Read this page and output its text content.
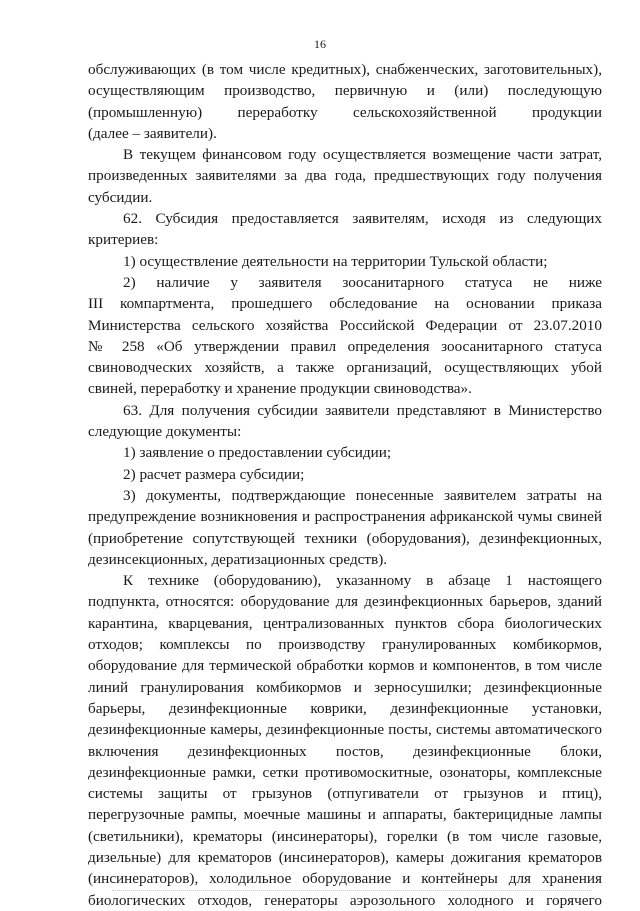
16
обслуживающих (в том числе кредитных), снабженческих, заготовительных),
осуществляющим производство, первичную и (или) последующую
(промышленную) переработку сельскохозяйственной продукции
(далее – заявители).
В текущем финансовом году осуществляется возмещение части затрат,
произведенных заявителями за два года, предшествующих году получения
субсидии.
62. Субсидия предоставляется заявителям, исходя из следующих
критериев:
1) осуществление деятельности на территории Тульской области;
2) наличие у заявителя зоосанитарного статуса не ниже
III компартмента, прошедшего обследование на основании приказа
Министерства сельского хозяйства Российской Федерации от 23.07.2010
№ 258 «Об утверждении правил определения зоосанитарного статуса
свиноводческих хозяйств, а также организаций, осуществляющих убой
свиней, переработку и хранение продукции свиноводства».
63. Для получения субсидии заявители представляют в Министерство
следующие документы:
1) заявление о предоставлении субсидии;
2) расчет размера субсидии;
3) документы, подтверждающие понесенные заявителем затраты на
предупреждение возникновения и распространения африканской чумы свиней
(приобретение сопутствующей техники (оборудования), дезинфекционных,
дезинсекционных, дератизационных средств).
К технике (оборудованию), указанному в абзаце 1 настоящего
подпункта, относятся: оборудование для дезинфекционных барьеров, зданий
карантина, кварцевания, централизованных пунктов сбора биологических
отходов; комплексы по производству гранулированных комбикормов,
оборудование для термической обработки кормов и компонентов, в том числе
линий гранулирования комбикормов и зерносушилки; дезинфекционные
барьеры, дезинфекционные коврики, дезинфекционные установки,
дезинфекционные камеры, дезинфекционные посты, системы автоматического
включения дезинфекционных постов, дезинфекционные блоки,
дезинфекционные рамки, сетки противомоскитные, озонаторы, комплексные
системы защиты от грызунов (отпугиватели от грызунов и птиц),
перегрузочные рампы, моечные машины и аппараты, бактерицидные лампы
(светильники), крематоры (инсинераторы), горелки (в том числе газовые,
дизельные) для крематоров (инсинераторов), камеры дожигания крематоров
(инсинераторов), холодильное оборудование и контейнеры для хранения
биологических отходов, генераторы аэрозольного холодного и горячего
